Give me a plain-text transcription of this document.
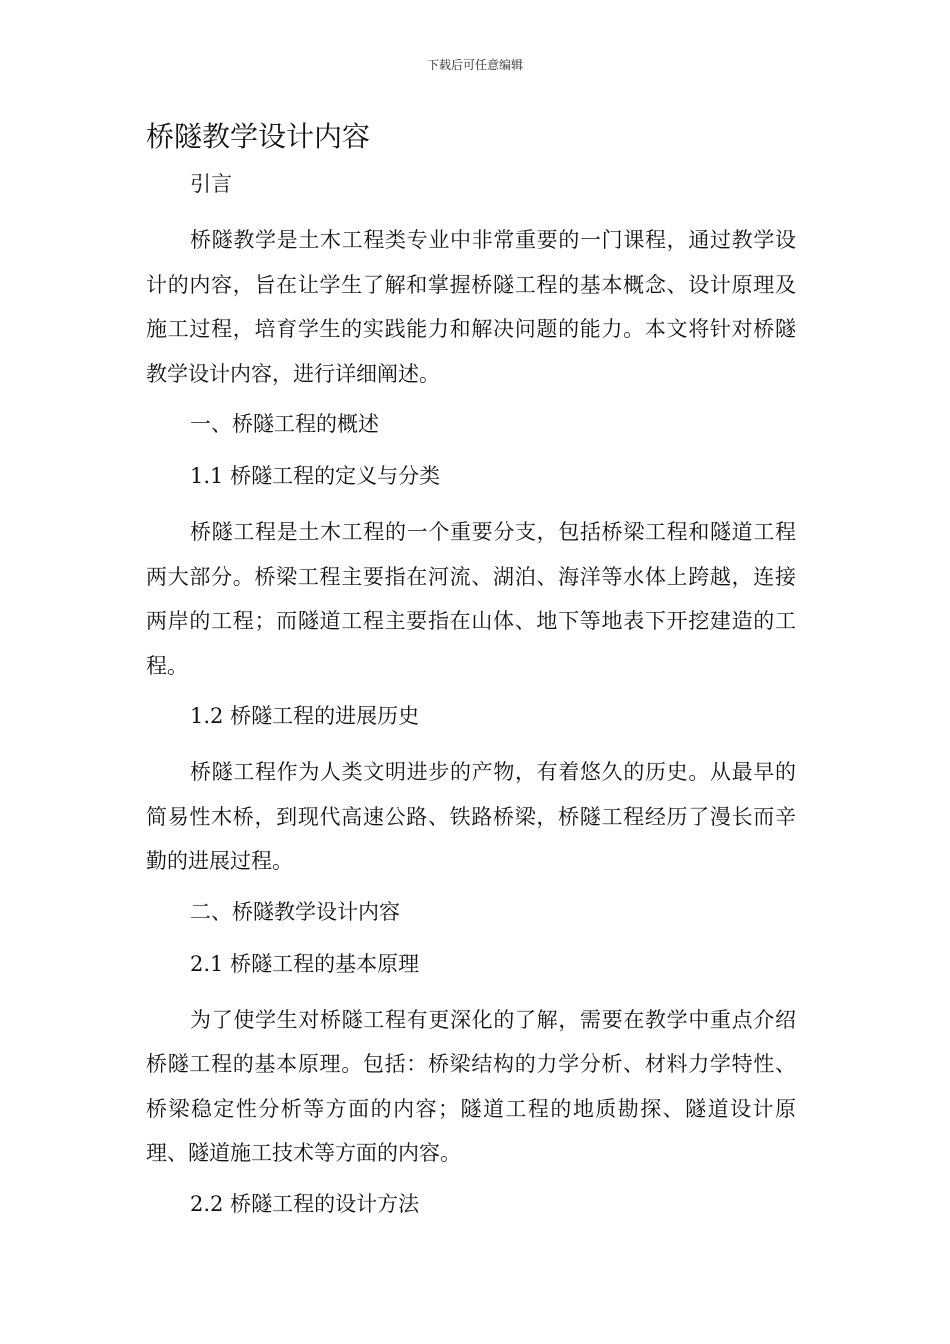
下载后可任意编辑
桥隧教学设计内容

引言

桥隧教学是土木工程类专业中非常重要的一门课程，通过教学设计的内容，旨在让学生了解和掌握桥隧工程的基本概念、设计原理及施工过程，培育学生的实践能力和解决问题的能力。本文将针对桥隧教学设计内容，进行详细阐述。

一、桥隧工程的概述

1.1 桥隧工程的定义与分类

桥隧工程是土木工程的一个重要分支，包括桥梁工程和隧道工程两大部分。桥梁工程主要指在河流、湖泊、海洋等水体上跨越，连接两岸的工程；而隧道工程主要指在山体、地下等地表下开挖建造的工程。

1.2 桥隧工程的进展历史

桥隧工程作为人类文明进步的产物，有着悠久的历史。从最早的简易性木桥，到现代高速公路、铁路桥梁，桥隧工程经历了漫长而辛勤的进展过程。

二、桥隧教学设计内容

2.1 桥隧工程的基本原理

为了使学生对桥隧工程有更深化的了解，需要在教学中重点介绍桥隧工程的基本原理。包括：桥梁结构的力学分析、材料力学特性、桥梁稳定性分析等方面的内容；隧道工程的地质勘探、隧道设计原理、隧道施工技术等方面的内容。

2.2 桥隧工程的设计方法
